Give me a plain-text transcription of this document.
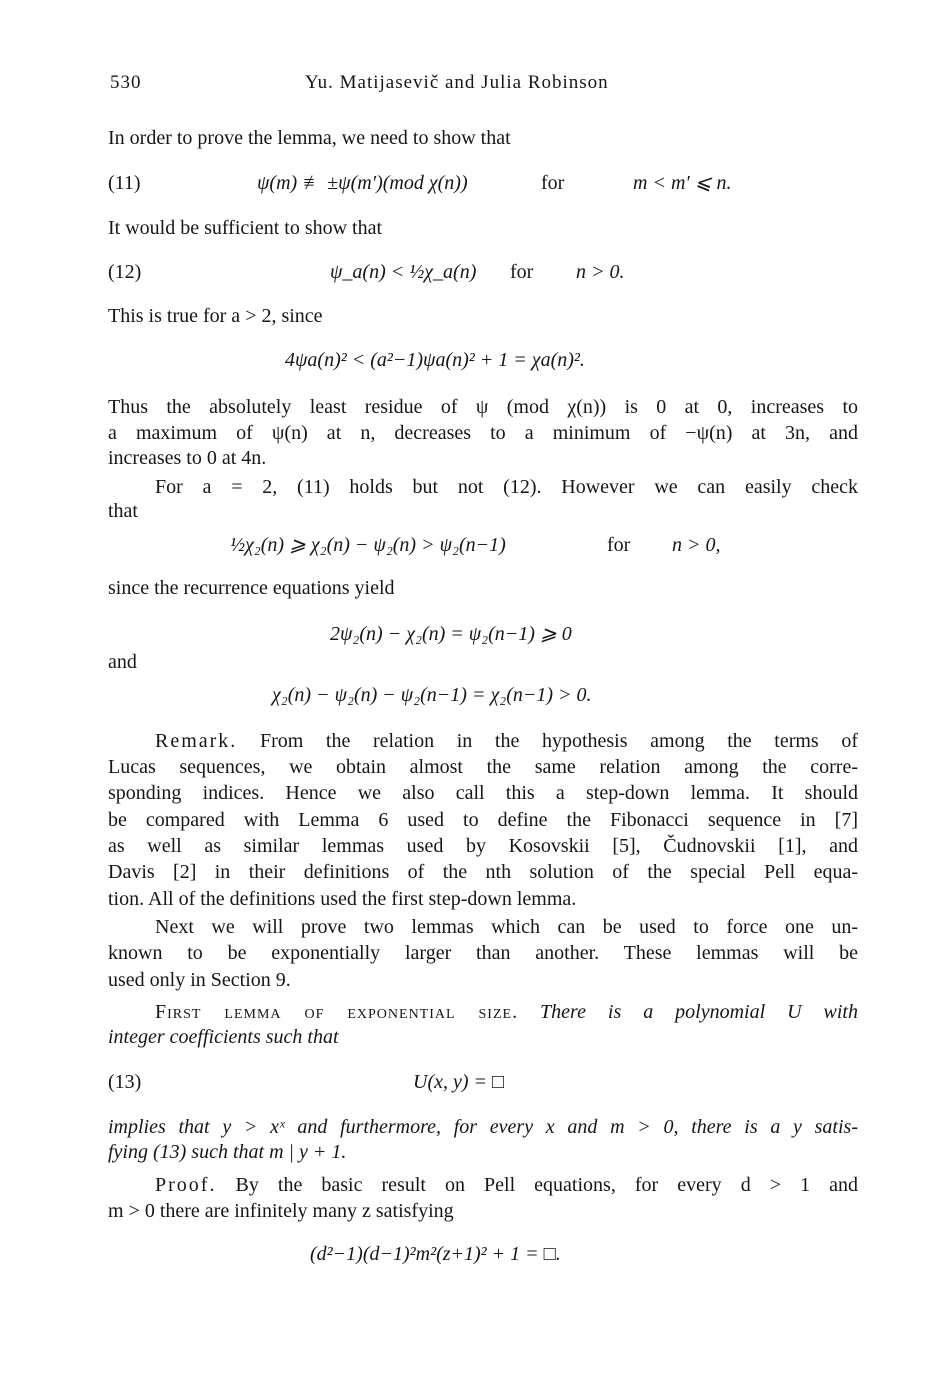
530	Yu. Matijasevič and Julia Robinson
In order to prove the lemma, we need to show that
(11)	ψ(m) ≢ ±ψ(m′)(mod χ(n))	for	m < m′ ⩽ n.
It would be sufficient to show that
(12)	ψ_a(n) < ½χ_a(n) for n > 0.
This is true for a > 2, since
4ψa(n)² < (a²−1)ψa(n)² + 1 = χa(n)².
Thus the absolutely least residue of ψ (mod χ(n)) is 0 at 0, increases to
a maximum of ψ(n) at n, decreases to a minimum of −ψ(n) at 3n, and
increases to 0 at 4n.
For a = 2, (11) holds but not (12). However we can easily check
that
½χ₂(n) ⩾ χ₂(n) − ψ₂(n) > ψ₂(n−1)	for n > 0,
since the recurrence equations yield
2ψ₂(n) − χ₂(n) = ψ₂(n−1) ⩾ 0
and
χ₂(n) − ψ₂(n) − ψ₂(n−1) = χ₂(n−1) > 0.
Remark. From the relation in the hypothesis among the terms of
Lucas sequences, we obtain almost the same relation among the corre-
sponding indices. Hence we also call this a step-down lemma. It should
be compared with Lemma 6 used to define the Fibonacci sequence in [7]
as well as similar lemmas used by Kosovskii [5], Čudnovskii [1], and
Davis [2] in their definitions of the nth solution of the special Pell equa-
tion. All of the definitions used the first step-down lemma.
Next we will prove two lemmas which can be used to force one un-
known to be exponentially larger than another. These lemmas will be
used only in Section 9.
First lemma of exponential size. There is a polynomial U with
integer coefficients such that
(13)	U(x, y) = □
implies that y > xˣ and furthermore, for every x and m > 0, there is a y satis-
fying (13) such that m | y + 1.
Proof. By the basic result on Pell equations, for every d > 1 and
m > 0 there are infinitely many z satisfying
(d²−1)(d−1)²m²(z+1)² + 1 = □.
